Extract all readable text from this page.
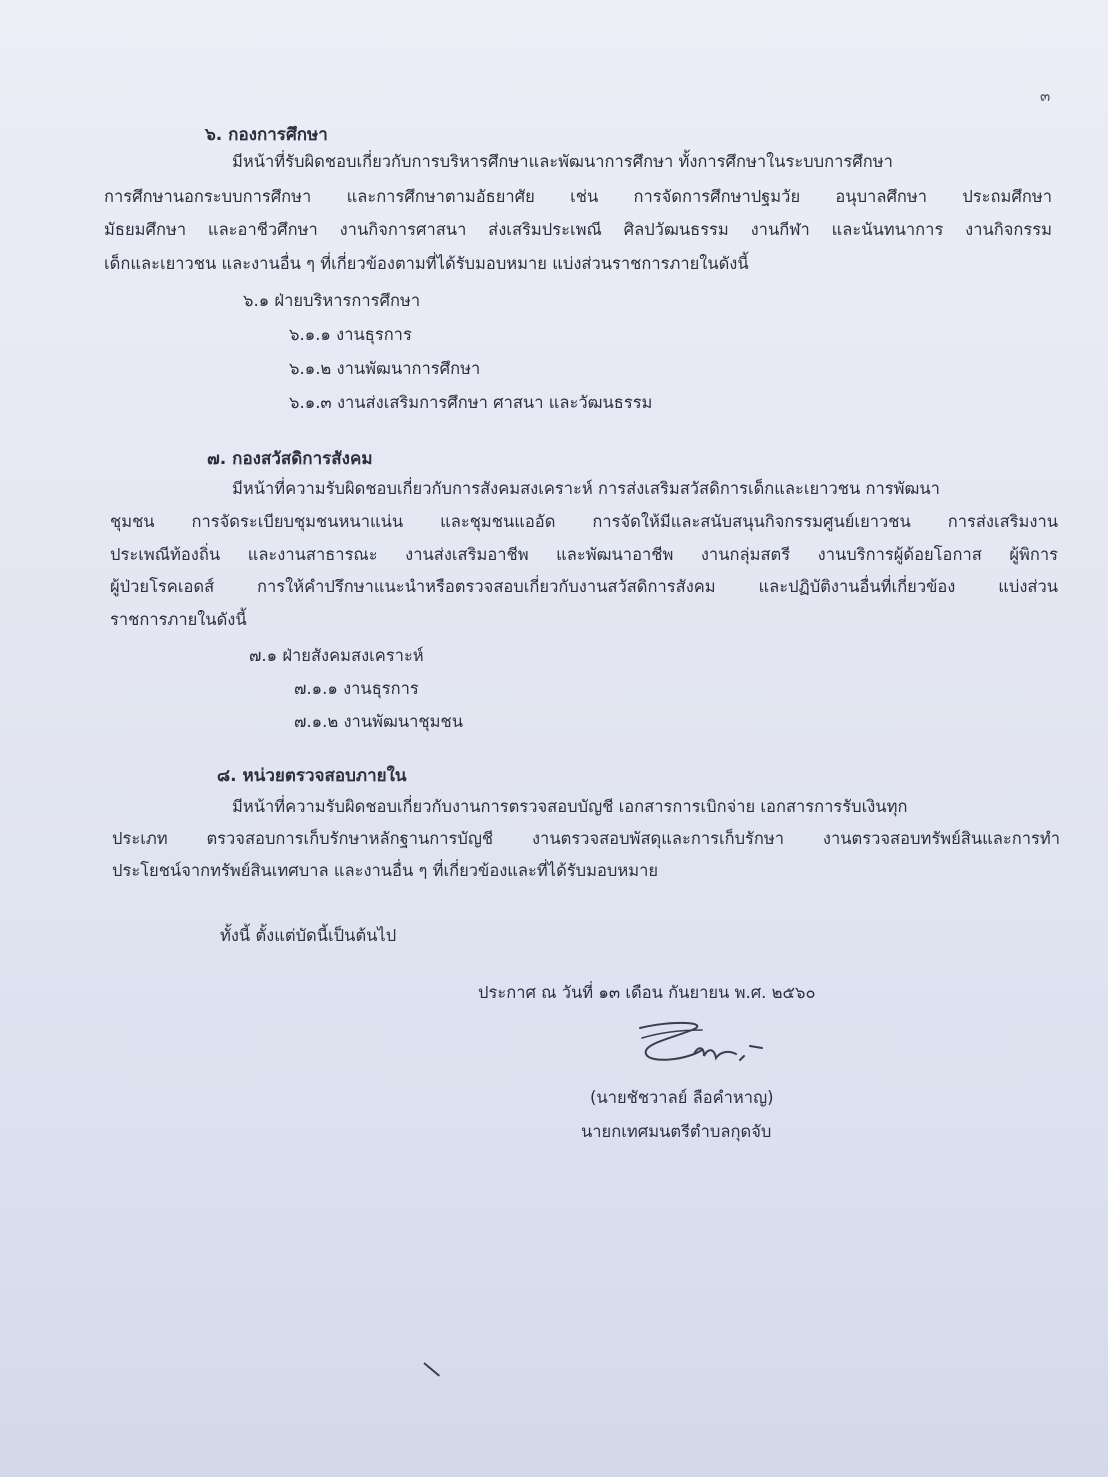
๓
๖. กองการศึกษา
มีหน้าที่รับผิดชอบเกี่ยวกับการบริหารศึกษาและพัฒนาการศึกษา ทั้งการศึกษาในระบบการศึกษา
การศึกษานอกระบบการศึกษา และการศึกษาตามอัธยาศัย เช่น การจัดการศึกษาปฐมวัย อนุบาลศึกษา ประถมศึกษา
มัธยมศึกษา และอาชีวศึกษา งานกิจการศาสนา ส่งเสริมประเพณี ศิลปวัฒนธรรม งานกีฬา และนันทนาการ งานกิจกรรม
เด็กและเยาวชน และงานอื่น ๆ ที่เกี่ยวข้องตามที่ได้รับมอบหมาย แบ่งส่วนราชการภายในดังนี้
๖.๑ ฝ่ายบริหารการศึกษา
๖.๑.๑ งานธุรการ
๖.๑.๒ งานพัฒนาการศึกษา
๖.๑.๓ งานส่งเสริมการศึกษา ศาสนา และวัฒนธรรม
๗. กองสวัสดิการสังคม
มีหน้าที่ความรับผิดชอบเกี่ยวกับการสังคมสงเคราะห์ การส่งเสริมสวัสดิการเด็กและเยาวชน การพัฒนา
ชุมชน การจัดระเบียบชุมชนหนาแน่น และชุมชนแออัด การจัดให้มีและสนับสนุนกิจกรรมศูนย์เยาวชน การส่งเสริมงาน
ประเพณีท้องถิ่น และงานสาธารณะ งานส่งเสริมอาชีพ และพัฒนาอาชีพ งานกลุ่มสตรี งานบริการผู้ด้อยโอกาส ผู้พิการ
ผู้ป่วยโรคเอดส์ การให้คำปรึกษาแนะนำหรือตรวจสอบเกี่ยวกับงานสวัสดิการสังคม และปฏิบัติงานอื่นที่เกี่ยวข้อง แบ่งส่วน
ราชการภายในดังนี้
๗.๑ ฝ่ายสังคมสงเคราะห์
๗.๑.๑ งานธุรการ
๗.๑.๒ งานพัฒนาชุมชน
๘. หน่วยตรวจสอบภายใน
มีหน้าที่ความรับผิดชอบเกี่ยวกับงานการตรวจสอบบัญชี เอกสารการเบิกจ่าย เอกสารการรับเงินทุก
ประเภท ตรวจสอบการเก็บรักษาหลักฐานการบัญชี งานตรวจสอบพัสดุและการเก็บรักษา งานตรวจสอบทรัพย์สินและการทำ
ประโยชน์จากทรัพย์สินเทศบาล และงานอื่น ๆ ที่เกี่ยวข้องและที่ได้รับมอบหมาย
ทั้งนี้ ตั้งแต่บัดนี้เป็นต้นไป
ประกาศ ณ วันที่ ๑๓ เดือน กันยายน พ.ศ. ๒๕๖๐
(นายชัชวาลย์ ลือคำหาญ)
นายกเทศมนตรีตำบลกุดจับ
